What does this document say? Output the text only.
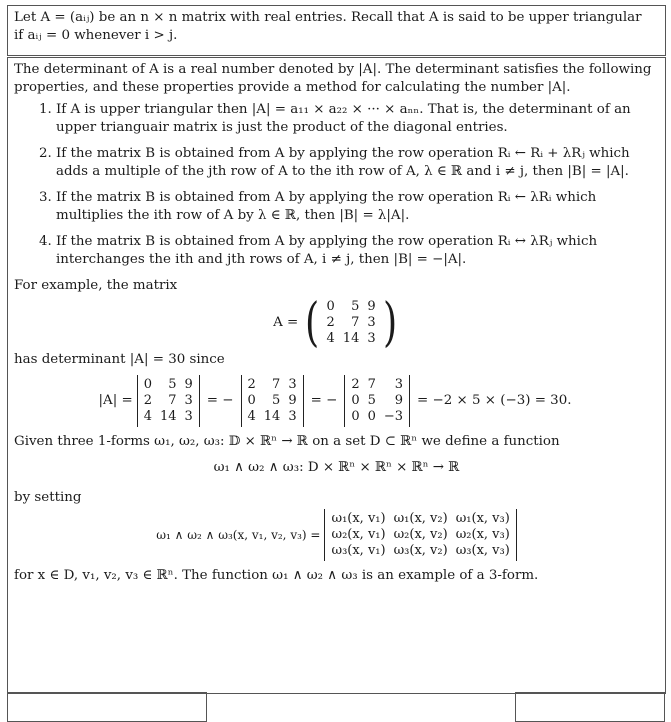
Let A = (aᵢⱼ) be an n × n matrix with real entries. Recall that A is said to be upper triangular

if aᵢⱼ = 0 whenever i > j.

The determinant of A is a real number denoted by |A|. The determinant satisfies the following properties, and these properties provide a method for calculating the number |A|.

1. If A is upper triangular then |A| = a₁₁ × a₂₂ × ··· × aₙₙ. That is, the determinant of an upper trianguair matrix is just the product of the diagonal entries.
2. If the matrix B is obtained from A by applying the row operation Rᵢ ← Rᵢ + λRⱼ which adds a multiple of the jth row of A to the ith row of A, λ ∈ ℝ and i ≠ j, then |B| = |A|.
3. If the matrix B is obtained from A by applying the row operation Rᵢ ← λRᵢ which multiplies the ith row of A by λ ∈ ℝ, then |B| = λ|A|.
4. If the matrix B is obtained from A by applying the row operation Rᵢ ↔ λRⱼ which interchanges the ith and jth rows of A, i ≠ j, then |B| = −|A|.

For example, the matrix

A = ( 0	5	9
2	7	3
4	14	3 )

has determinant |A| = 30 since

|A| =
0	5	9
2	7	3
4	14	3
= −
2	7	3
0	5	9
4	14	3
= −
2	7	3
0	5	9
0	0	−3
= −2 × 5 × (−3) = 30.

Given three 1-forms ω₁, ω₂, ω₃: 𝔻 × ℝⁿ → ℝ on a set D ⊂ ℝⁿ we define a function

ω₁ ∧ ω₂ ∧ ω₃: D × ℝⁿ × ℝⁿ × ℝⁿ → ℝ

by setting

ω₁ ∧ ω₂ ∧ ω₃(x, v₁, v₂, v₃) =
ω₁(x, v₁)	ω₁(x, v₂)	ω₁(x, v₃)
ω₂(x, v₁)	ω₂(x, v₂)	ω₂(x, v₃)
ω₃(x, v₁)	ω₃(x, v₂)	ω₃(x, v₃)

for x ∈ D, v₁, v₂, v₃ ∈ ℝⁿ. The function ω₁ ∧ ω₂ ∧ ω₃ is an example of a 3-form.
